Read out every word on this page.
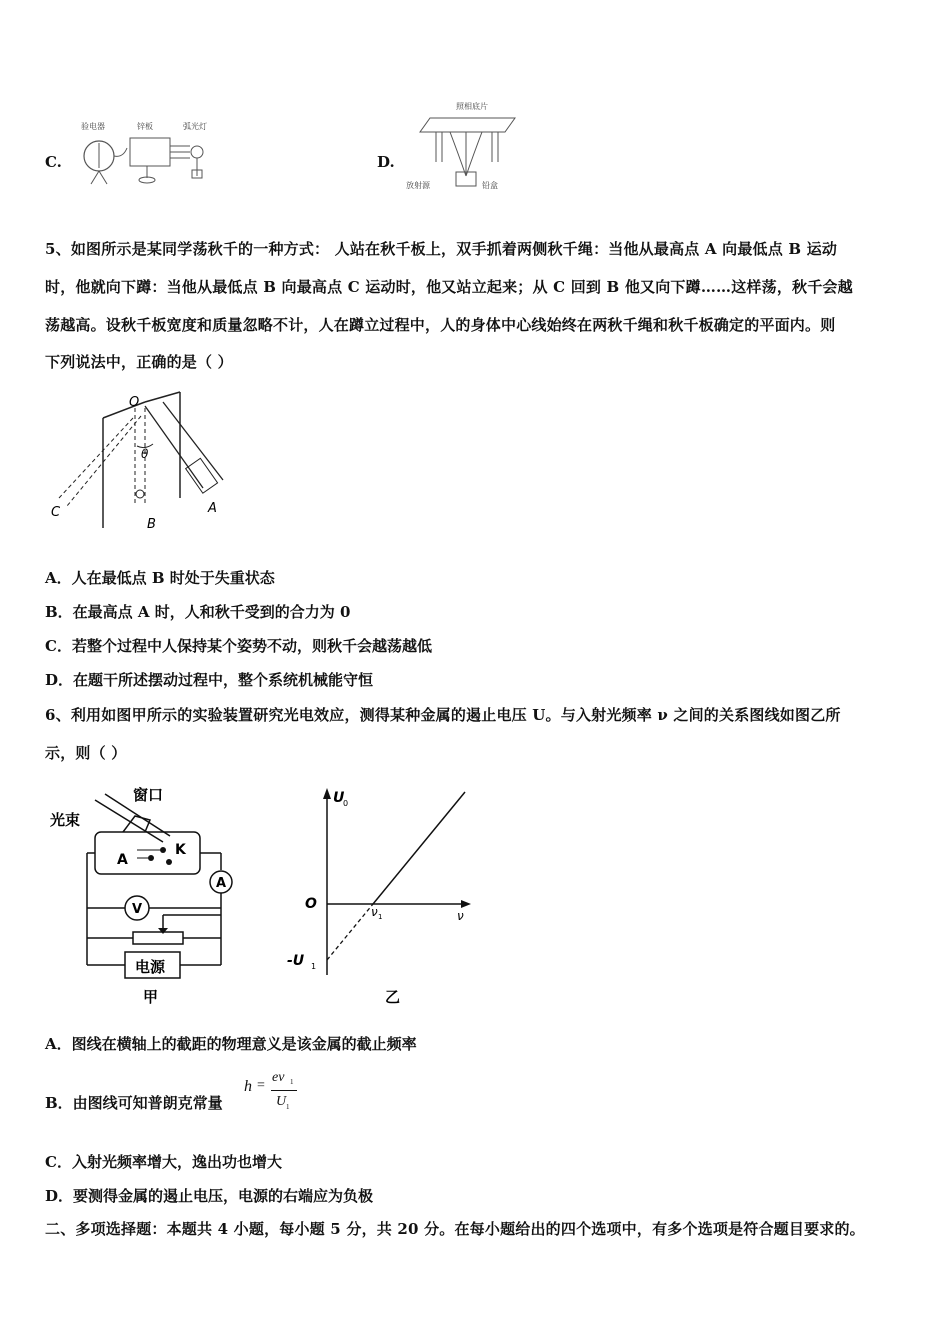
C.
验电器	锌板	弧光灯
D.
照相底片
放射源	铅盒
5、如图所示是某同学荡秋千的一种方式： 人站在秋千板上，双手抓着两侧秋千绳：当他从最高点 A 向最低点 B 运动
时，他就向下蹲：当他从最低点 B 向最高点 C 运动时，他又站立起来；从 C 回到 B 他又向下蹲……这样荡，秋千会越
荡越高。设秋千板宽度和质量忽略不计，人在蹲立过程中，人的身体中心线始终在两秋千绳和秋千板确定的平面内。则
下列说法中，正确的是（ ）
O
A
B
θ
C
A．人在最低点 B 时处于失重状态
B．在最高点 A 时，人和秋千受到的合力为 0
C．若整个过程中人保持某个姿势不动，则秋千会越荡越低
D．在题干所述摆动过程中，整个系统机械能守恒
6、利用如图甲所示的实验装置研究光电效应，测得某种金属的遏止电压 U。与入射光频率 ν 之间的关系图线如图乙所
示，则（ ）
窗口
光束
A
K
A
V
电源
甲
U
0
O	ν 1	ν
-U 1
乙
A．图线在横轴上的截距的物理意义是该金属的截止频率
B．由图线可知普朗克常量
h =
eν 1
U 1
C．入射光频率增大，逸出功也增大
D．要测得金属的遏止电压，电源的右端应为负极
二、多项选择题：本题共 4 小题，每小题 5 分，共 20 分。在每小题给出的四个选项中，有多个选项是符合题目要求的。
